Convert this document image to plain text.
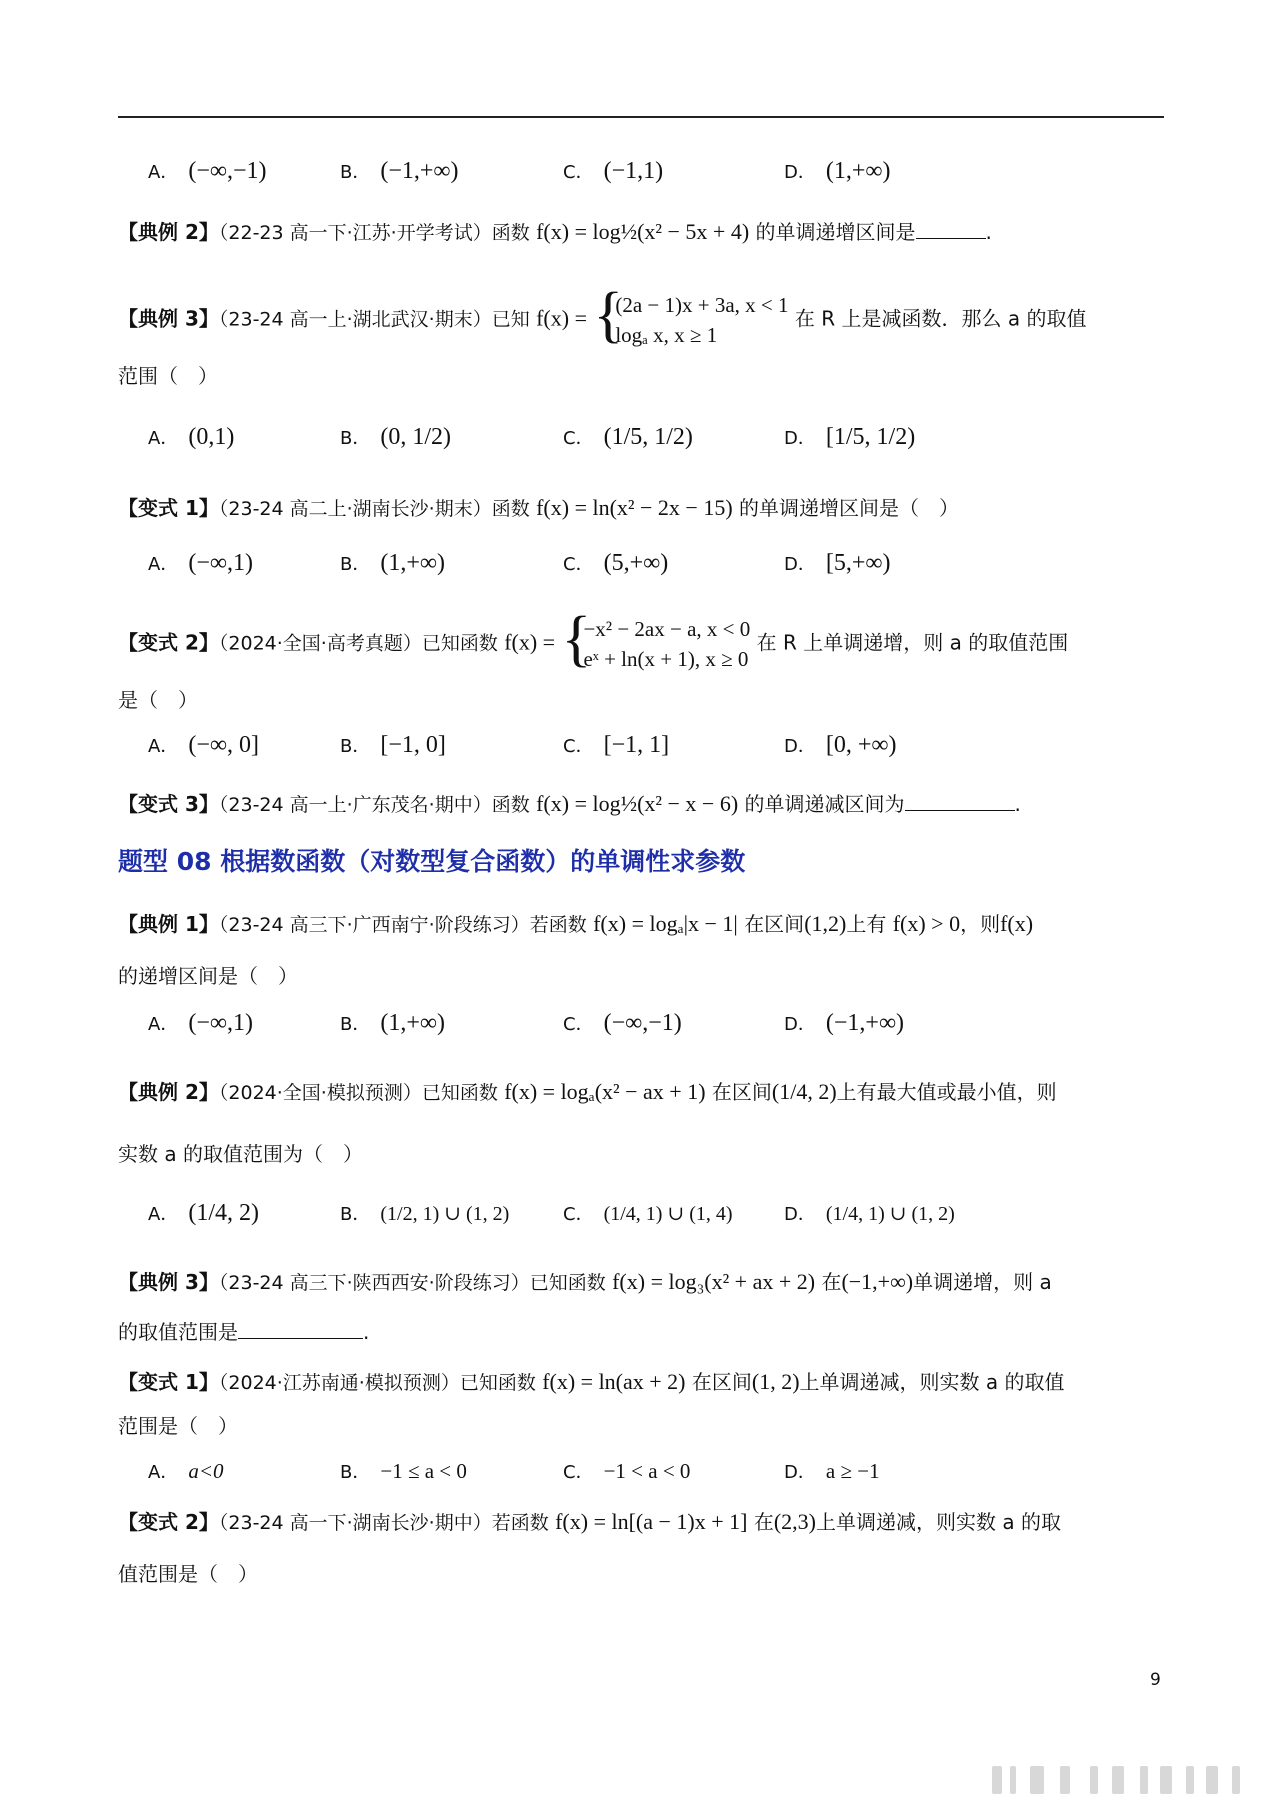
A． (−∞,−1)	B． (−1,+∞)	C． (−1,1)	D． (1,+∞)
【典例 2】（22-23 高一下·江苏·开学考试）函数 f(x) = log½(x² − 5x + 4) 的单调递增区间是	.
【典例 3】（23-24 高一上·湖北武汉·期末）已知 f(x) = {
(2a − 1)x + 3a, x < 1
logₐ x, x ≥ 1
在 R 上是减函数．那么 a 的取值
范围（　）
A． (0,1)	B． (0, 1/2)	C． (1/5, 1/2)	D． [1/5, 1/2)
【变式 1】（23-24 高二上·湖南长沙·期末）函数 f(x) = ln(x² − 2x − 15) 的单调递增区间是（　）
A． (−∞,1)	B． (1,+∞)	C． (5,+∞)	D． [5,+∞)
【变式 2】（2024·全国·高考真题）已知函数 f(x) = {
−x² − 2ax − a, x < 0
eˣ + ln(x + 1), x ≥ 0
在 R 上单调递增，则 a 的取值范围
是（　）
A． (−∞, 0]	B． [−1, 0]	C． [−1, 1]	D． [0, +∞)
【变式 3】（23-24 高一上·广东茂名·期中）函数 f(x) = log½(x² − x − 6) 的单调递减区间为	.
题型 08 根据数函数（对数型复合函数）的单调性求参数
【典例 1】（23-24 高三下·广西南宁·阶段练习）若函数 f(x) = logₐ|x − 1| 在区间(1,2)上有 f(x) > 0，则f(x)
的递增区间是（　）
A． (−∞,1)	B． (1,+∞)	C． (−∞,−1)	D． (−1,+∞)
【典例 2】（2024·全国·模拟预测）已知函数 f(x) = logₐ(x² − ax + 1) 在区间(1/4, 2)上有最大值或最小值，则
实数 a 的取值范围为（　）
A． (1/4, 2)	B． (1/2, 1) ∪ (1, 2)	C． (1/4, 1) ∪ (1, 4)	D． (1/4, 1) ∪ (1, 2)
【典例 3】（23-24 高三下·陕西西安·阶段练习）已知函数 f(x) = log₃(x² + ax + 2) 在(−1,+∞)单调递增，则 a
的取值范围是	.
【变式 1】（2024·江苏南通·模拟预测）已知函数 f(x) = ln(ax + 2) 在区间(1, 2)上单调递减，则实数 a 的取值
范围是（　）
A． a<0	B． −1 ≤ a < 0	C． −1 < a < 0	D． a ≥ −1
【变式 2】（23-24 高一下·湖南长沙·期中）若函数 f(x) = ln[(a − 1)x + 1] 在(2,3)上单调递减，则实数 a 的取
值范围是（　）
9
